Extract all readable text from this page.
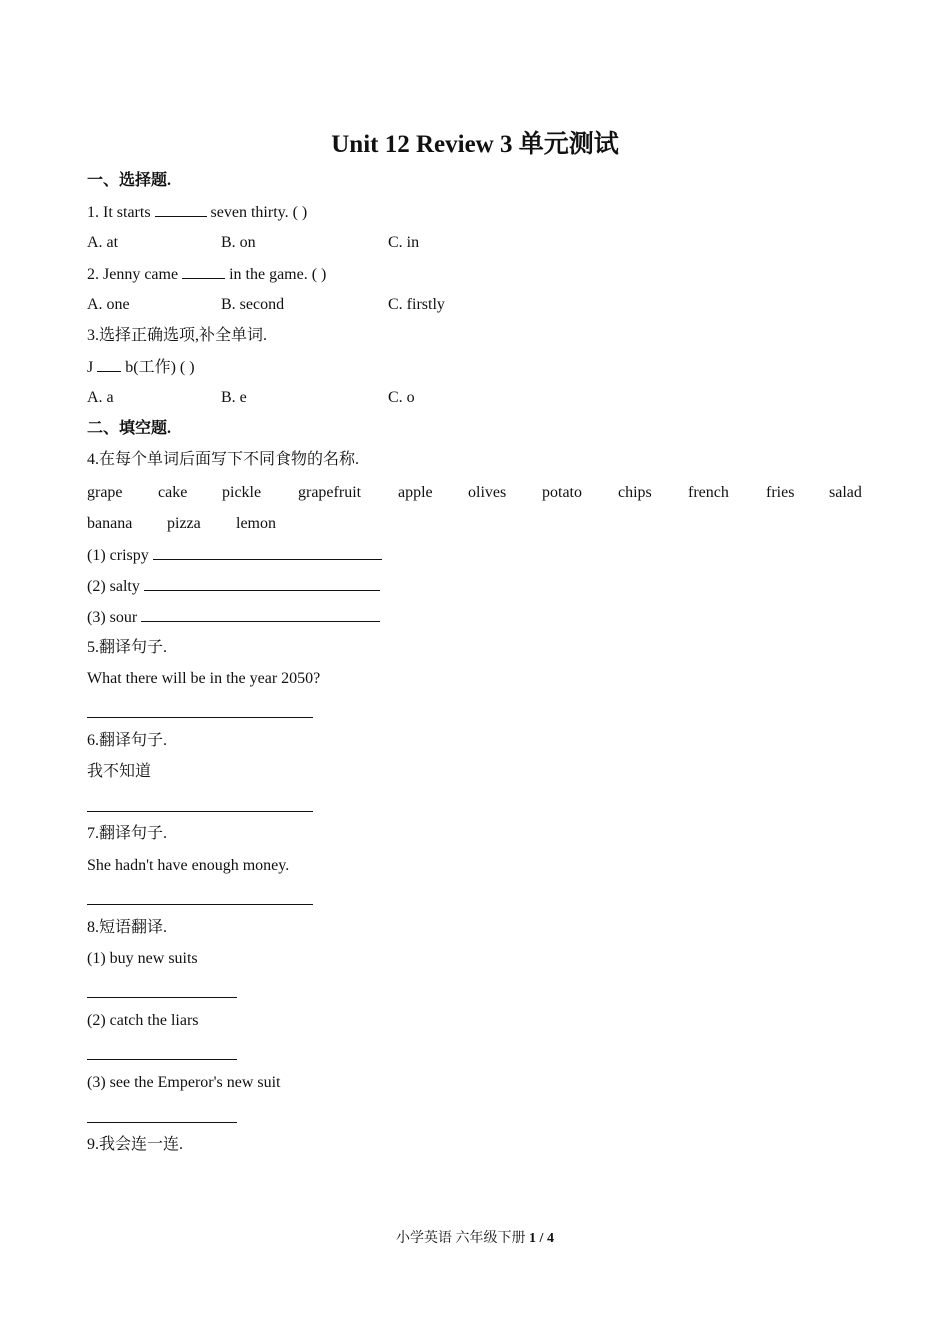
Unit 12 Review 3 单元测试
一、选择题.
1. It starts	seven thirty. ( )
A. at	B. on	C. in
2. Jenny came	in the game. ( )
A. one	B. second	C. firstly
3.选择正确选项,补全单词.
J  b(工作) ( )
A. a	B. e	C. o
二、填空题.
4.在每个单词后面写下不同食物的名称.
grape cake pickle grapefruit apple olives potato chips french fries salad
banana pizza lemon
(1) crispy
(2) salty
(3) sour
5.翻译句子.
What there will be in the year 2050?
6.翻译句子.
我不知道
7.翻译句子.
She hadn't have enough money.
8.短语翻译.
(1) buy new suits
(2) catch the liars
(3) see the Emperor's new suit
9.我会连一连.
小学英语 六年级下册 1 / 4
